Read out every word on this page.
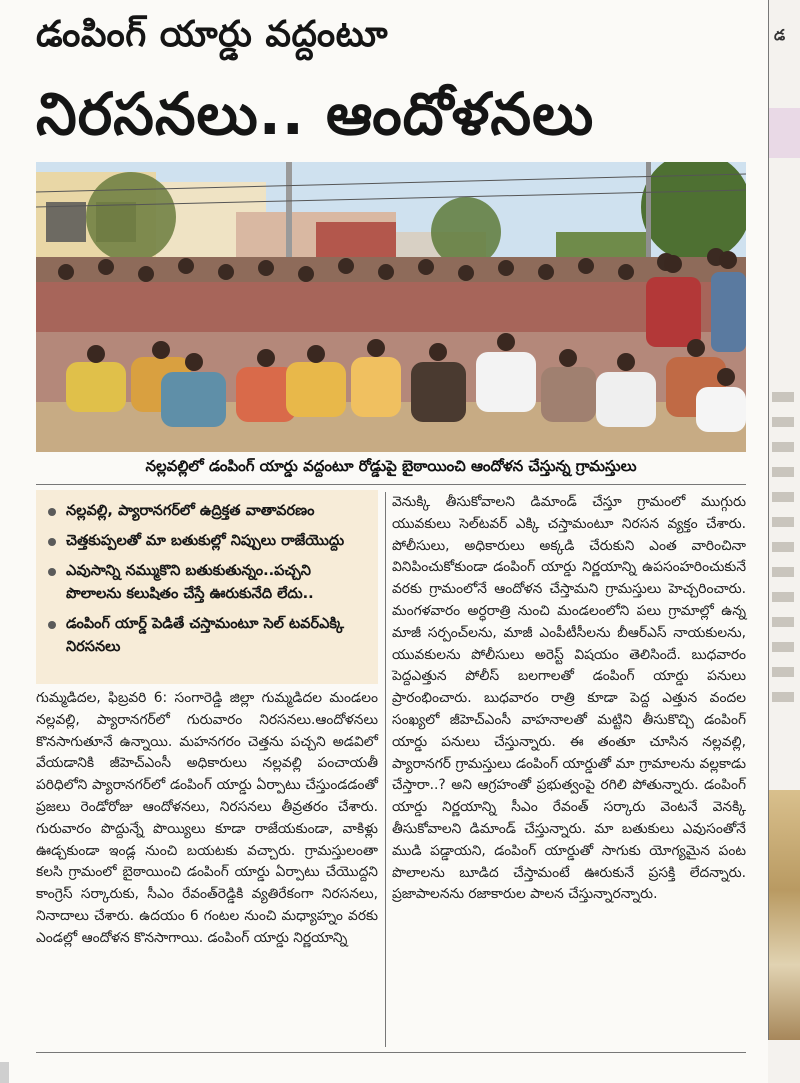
డంపింగ్ యార్డు వద్దంటూ
నిరసనలు.. ఆందోళనలు
నల్లవల్లిలో డంపింగ్ యార్డు వద్దంటూ రోడ్డుపై బైఠాయించి ఆందోళన చేస్తున్న గ్రామస్తులు
నల్లవల్లి, ప్యారానగర్‌లో ఉద్రిక్తత వాతావరణం
చెత్తకుప్పలతో మా బతుకుల్లో నిప్పులు రాజేయొద్దు
ఎవుసాన్ని నమ్ముకొని బతుకుతున్నం..పచ్చని పొలాలను కలుషితం చేస్తే ఊరుకునేది లేదు..
డంపింగ్ యార్డ్ పెడితే చస్తామంటూ సెల్ టవర్‌ఎక్కి నిరసనలు

గుమ్మడిదల, ఫిబ్రవరి 6: సంగారెడ్డి జిల్లా గుమ్మడిదల మండలం నల్లవల్లి, ప్యారానగర్‌లో గురువారం నిరసనలు.ఆందోళనలు కొనసాగుతూనే ఉన్నాయి. మహనగరం చెత్తను పచ్చని అడవిలో వేయడానికి జీహెచ్ఎంసీ అధికారులు నల్లవల్లి పంచాయతీ పరిధిలోని ప్యారానగర్‌లో డంపింగ్ యార్డు ఏర్పాటు చేస్తుండడంతో ప్రజలు రెండోరోజు ఆందోళనలు, నిరసనలు తీవ్రతరం చేశారు. గురువారం పొద్దున్నే పొయ్యిలు కూడా రాజేయకుండా, వాకిళ్లు ఊడ్చకుండా ఇండ్ల నుంచి బయటకు వచ్చారు. గ్రామస్తులంతా కలసి గ్రామంలో బైఠాయించి డంపింగ్ యార్డు ఏర్పాటు చేయొద్దని కాంగ్రెస్ సర్కారుకు, సీఎం రేవంత్‌రెడ్డికి వ్యతిరేకంగా నిరసనలు, నినాదాలు చేశారు. ఉదయం 6 గంటల నుంచి మధ్యాహ్నం వరకు ఎండల్లో ఆందోళన కొనసాగాయి. డంపింగ్ యార్డు నిర్ణయాన్ని

వెనుక్కి తీసుకోవాలని డిమాండ్ చేస్తూ గ్రామంలో ముగ్గురు యువకులు సెల్‌టవర్ ఎక్కి చస్తామంటూ నిరసన వ్యక్తం చేశారు. పోలీసులు, అధికారులు అక్కడి చేరుకుని ఎంత వారించినా వినిపించుకోకుండా డంపింగ్ యార్డు నిర్ణయాన్ని ఉపసంహరించుకునే వరకు గ్రామంలోనే ఆందోళన చేస్తామని గ్రామస్తులు హెచ్చరించారు. మంగళవారం అర్ధరాత్రి నుంచి మండలంలోని పలు గ్రామాల్లో ఉన్న మాజీ సర్పంచ్‌లను, మాజీ ఎంపీటీసీలను బీఆర్ఎస్ నాయకులను, యువకులను పోలీసులు అరెస్ట్ విషయం తెలిసిందే. బుధవారం పెద్దఎత్తున పోలీస్ బలగాలతో డంపింగ్ యార్డు పనులు ప్రారంభించారు. బుధవారం రాత్రి కూడా పెద్ద ఎత్తున వందల సంఖ్యలో జీహెచ్ఎంసీ వాహనాలతో మట్టిని తీసుకొచ్చి డంపింగ్ యార్డు పనులు చేస్తున్నారు. ఈ తంతూ చూసిన నల్లవల్లి, ప్యారానగర్ గ్రామస్తులు డంపింగ్ యార్డుతో మా గ్రామాలను వల్లకాడు చేస్తారా..? అని ఆగ్రహంతో ప్రభుత్వంపై రగిలి పోతున్నారు. డంపింగ్ యార్డు నిర్ణయాన్ని సీఎం రేవంత్ సర్కారు వెంటనే వెనక్కి తీసుకోవాలని డిమాండ్ చేస్తున్నారు. మా బతుకులు ఎవుసంతోనే ముడి పడ్డాయని, డంపింగ్ యార్డుతో సాగుకు యోగ్యమైన పంట పొలాలను బూడిద చేస్తామంటే ఊరుకునే ప్రసక్తి లేదన్నారు. ప్రజాపాలనను రజాకారుల పాలన చేస్తున్నారన్నారు.

డ
